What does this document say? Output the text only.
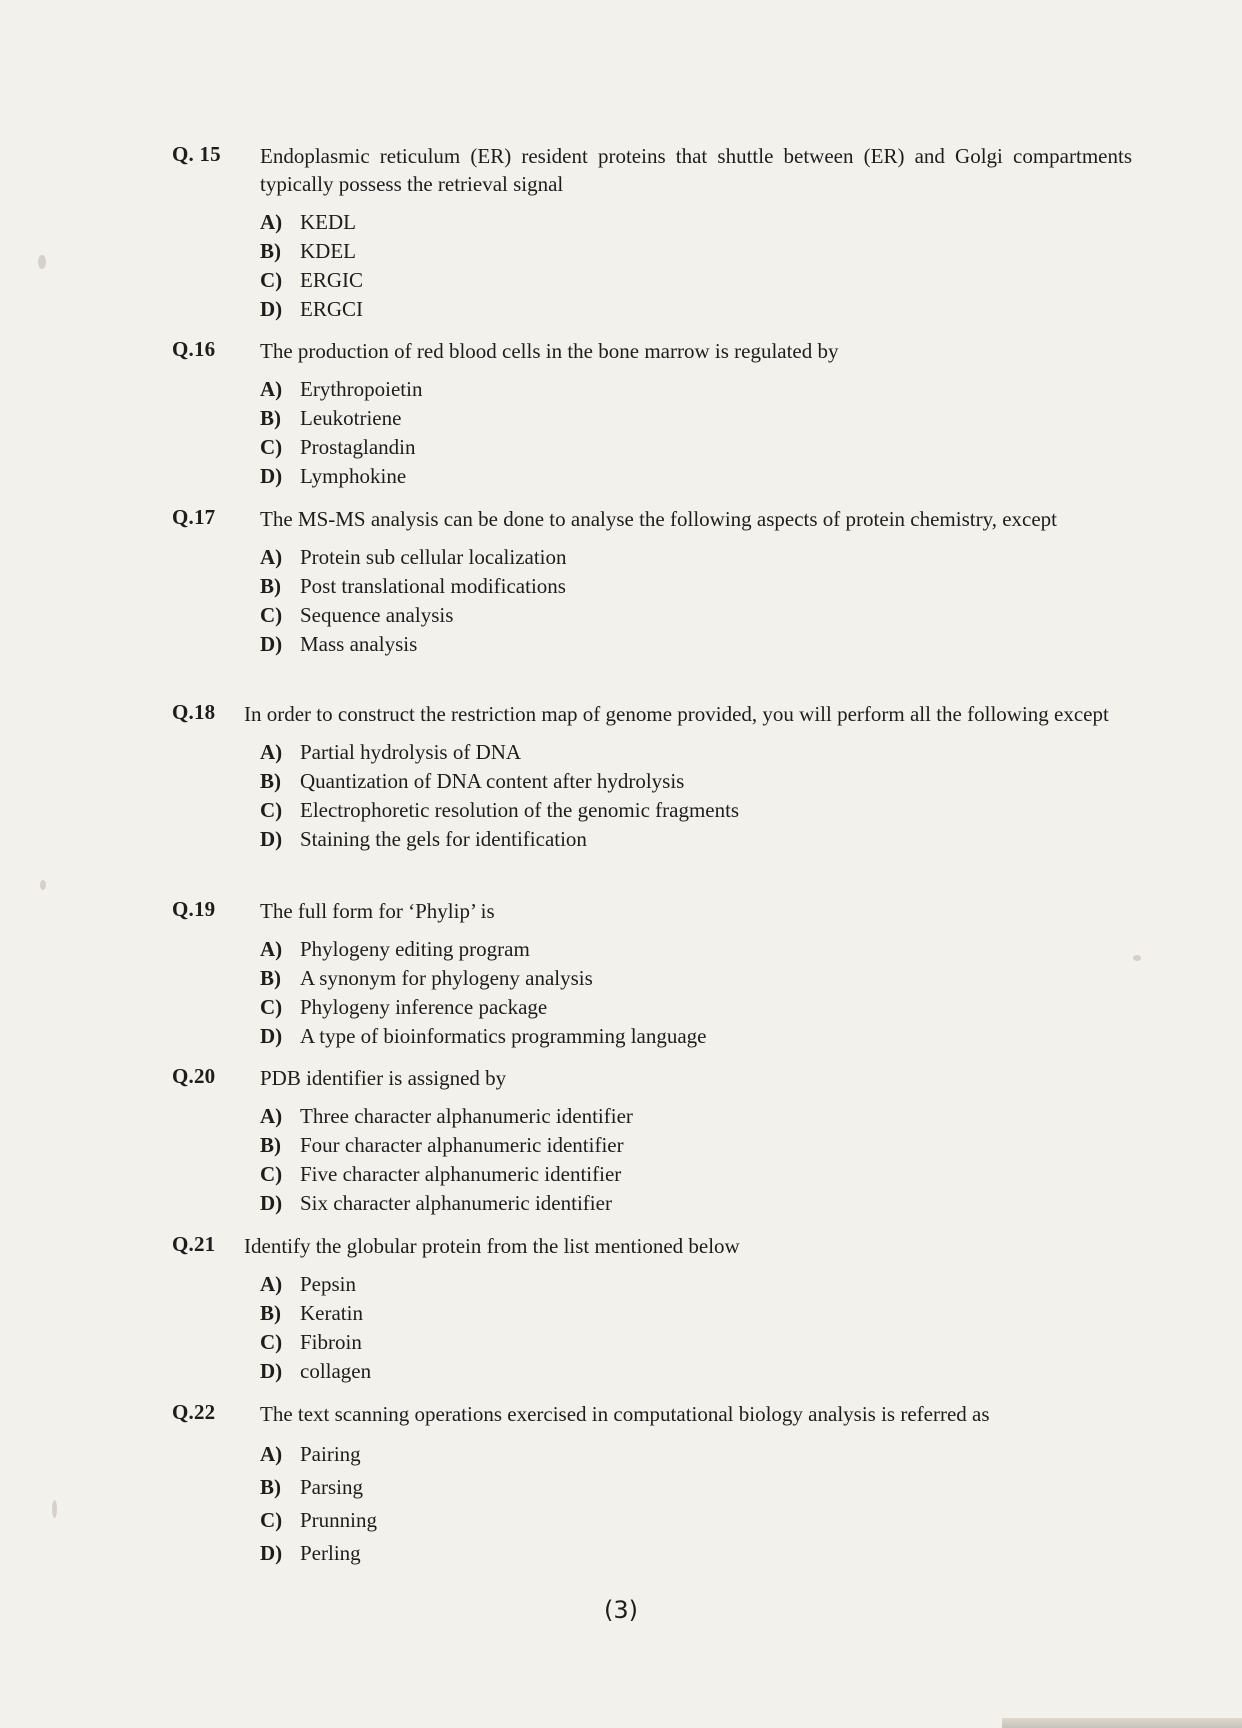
Q. 15 Endoplasmic reticulum (ER) resident proteins that shuttle between (ER) and Golgi compartments typically possess the retrieval signal
A) KEDL
B) KDEL
C) ERGIC
D) ERGCI
Q.16 The production of red blood cells in the bone marrow is regulated by
A) Erythropoietin
B) Leukotriene
C) Prostaglandin
D) Lymphokine
Q.17 The MS-MS analysis can be done to analyse the following aspects of protein chemistry, except
A) Protein sub cellular localization
B) Post translational modifications
C) Sequence analysis
D) Mass analysis
Q.18 In order to construct the restriction map of genome provided, you will perform all the following except
A) Partial hydrolysis of DNA
B) Quantization of DNA content after hydrolysis
C) Electrophoretic resolution of the genomic fragments
D) Staining the gels for identification
Q.19 The full form for ‘Phylip’ is
A) Phylogeny editing program
B) A synonym for phylogeny analysis
C) Phylogeny inference package
D) A type of bioinformatics programming language
Q.20 PDB identifier is assigned by
A) Three character alphanumeric identifier
B) Four character alphanumeric identifier
C) Five character alphanumeric identifier
D) Six character alphanumeric identifier
Q.21 Identify the globular protein from the list mentioned below
A) Pepsin
B) Keratin
C) Fibroin
D) collagen
Q.22 The text scanning operations exercised in computational biology analysis is referred as
A) Pairing
B) Parsing
C) Prunning
D) Perling
(3)
